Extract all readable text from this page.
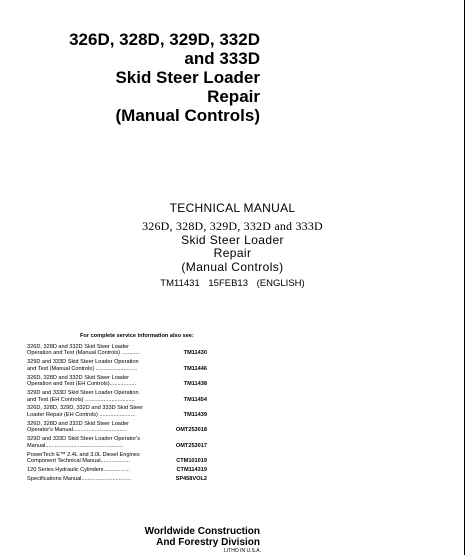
326D, 328D, 329D, 332D
and 333D
Skid Steer Loader
Repair
(Manual Controls)
TECHNICAL MANUAL
326D, 328D, 329D, 332D and 333D
Skid Steer Loader
Repair
(Manual Controls)
TM11431 15FEB13 (ENGLISH)
For complete service information also see:
326D, 328D and 332D Skid Steer Loader
Operation and Test (Manual Controls) ............	TM11430
329D and 333D Skid Steer Loader Operation
and Test (Manual Controls) ...........................	TM11446
326D, 328D and 332D Skid Steer Loader
Operation and Test (EH Controls).................	TM11438
329D and 333D Skid Steer Loader Operation
and Test (EH Controls) ................................	TM11454
326D, 328D, 329D, 332D and 333D Skid Steer
Loader Repair (EH Controls) .......................	TM11439
326D, 328D and 332D Skid Steer Loader
Operator's Manual...................................	OMT253018
329D and 333D Skid Steer Loader Operator's
Manual..................................................	OMT253017
PowerTech E™ 2.4L and 3.0L Diesel Engines
Component Technical Manual...................	CTM101019
120 Series Hydraulic Cylinders.................	CTM114319
Specifications Manual................................	SP458VOL2
Worldwide Construction
And Forestry Division
LITHO IN U.S.A.
